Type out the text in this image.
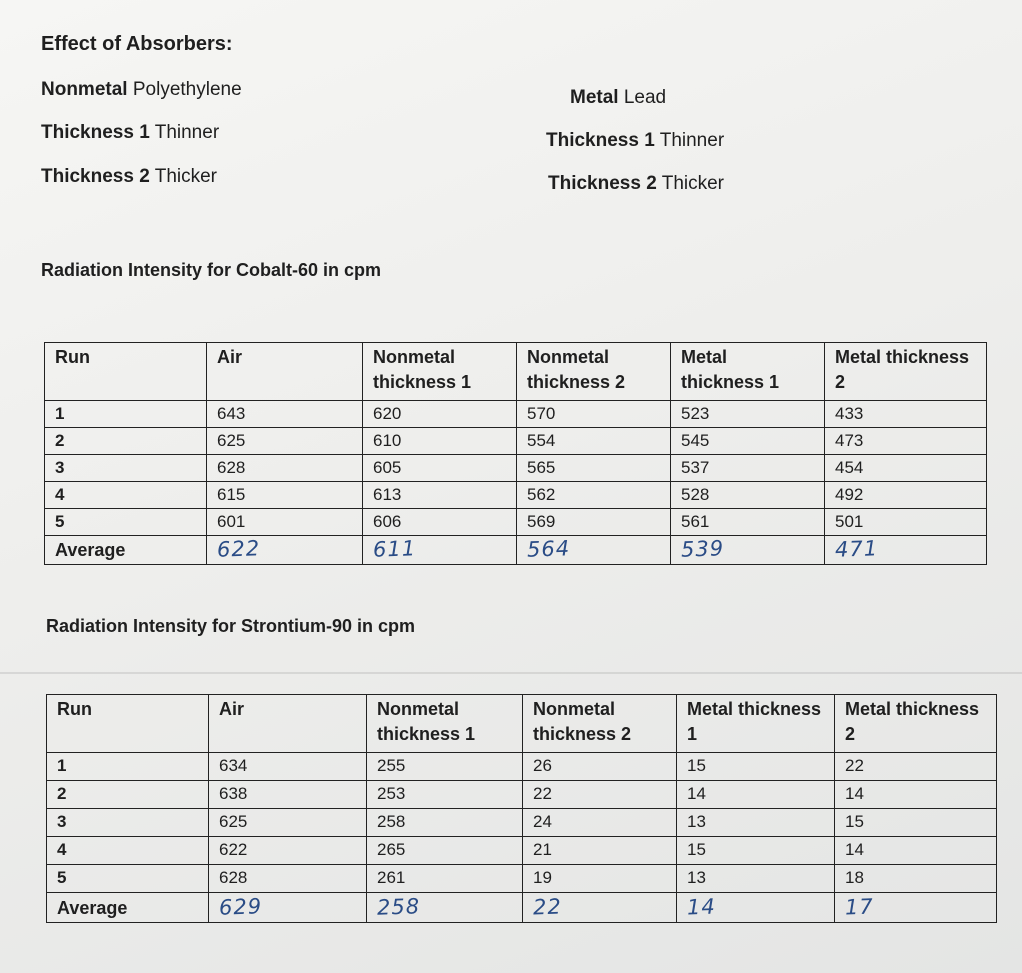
Effect of Absorbers:
Nonmetal Polyethylene
Thickness 1 Thinner
Thickness 2 Thicker
Metal Lead
Thickness 1 Thinner
Thickness 2 Thicker
Radiation Intensity for Cobalt-60 in cpm
Run	Air	Nonmetal thickness 1	Nonmetal thickness 2	Metal thickness 1	Metal thickness 2
1	643	620	570	523	433
2	625	610	554	545	473
3	628	605	565	537	454
4	615	613	562	528	492
5	601	606	569	561	501
Average	622	611	564	539	471
Radiation Intensity for Strontium-90 in cpm
Run	Air	Nonmetal thickness 1	Nonmetal thickness 2	Metal thickness 1	Metal thickness 2
1	634	255	26	15	22
2	638	253	22	14	14
3	625	258	24	13	15
4	622	265	21	15	14
5	628	261	19	13	18
Average	629	258	22	14	17
